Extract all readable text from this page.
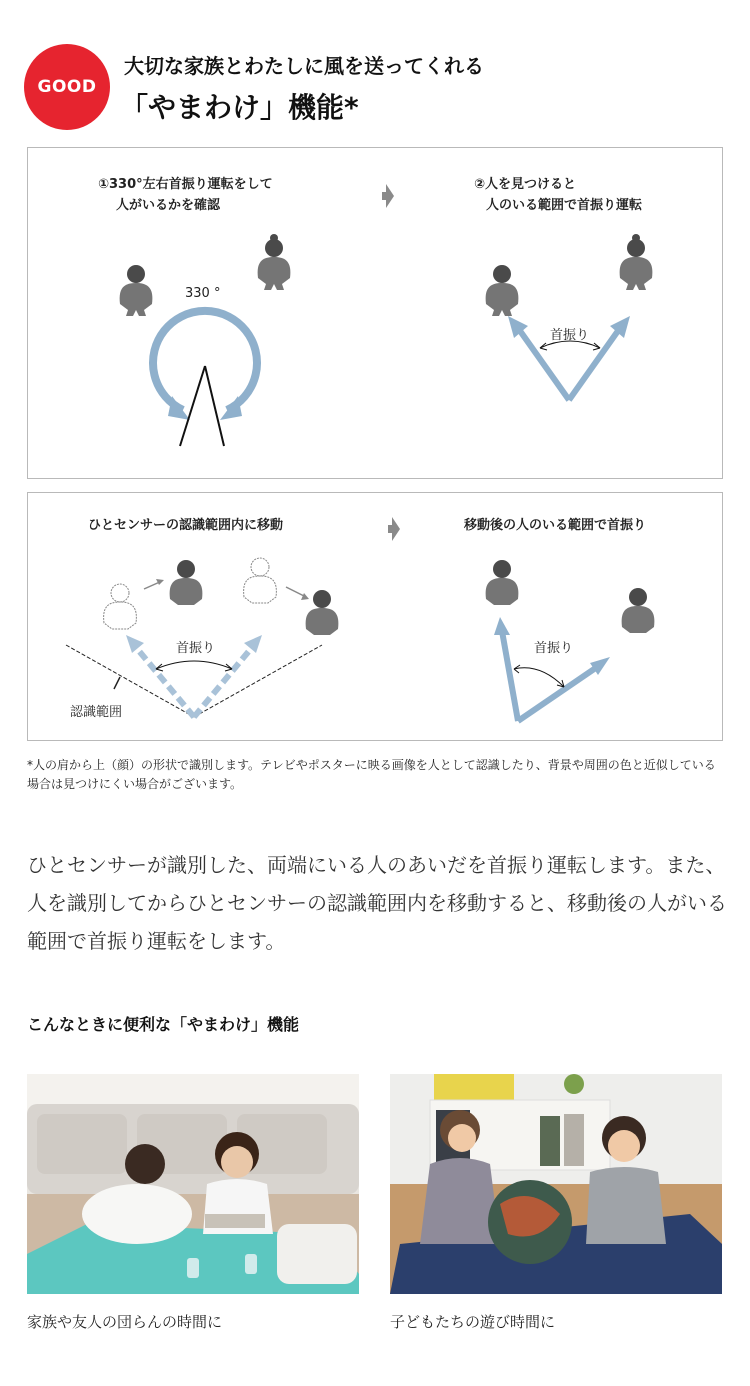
GOOD
大切な家族とわたしに風を送ってくれる
「やまわけ」機能*
①330°左右首振り運転をして
人がいるかを確認
②人を見つけると
人のいる範囲で首振り運転
330 °
首振り
ひとセンサーの認識範囲内に移動	移動後の人のいる範囲で首振り
首振り	首振り
認識範囲
*人の肩から上（顔）の形状で識別します。テレビやポスターに映る画像を人として認識したり、背景や周囲の色と近似している場合は見つけにくい場合がございます。
ひとセンサーが識別した、両端にいる人のあいだを首振り運転します。また、人を識別してからひとセンサーの認識範囲内を移動すると、移動後の人がいる範囲で首振り運転をします。
こんなときに便利な「やまわけ」機能
家族や友人の団らんの時間に	子どもたちの遊び時間に
